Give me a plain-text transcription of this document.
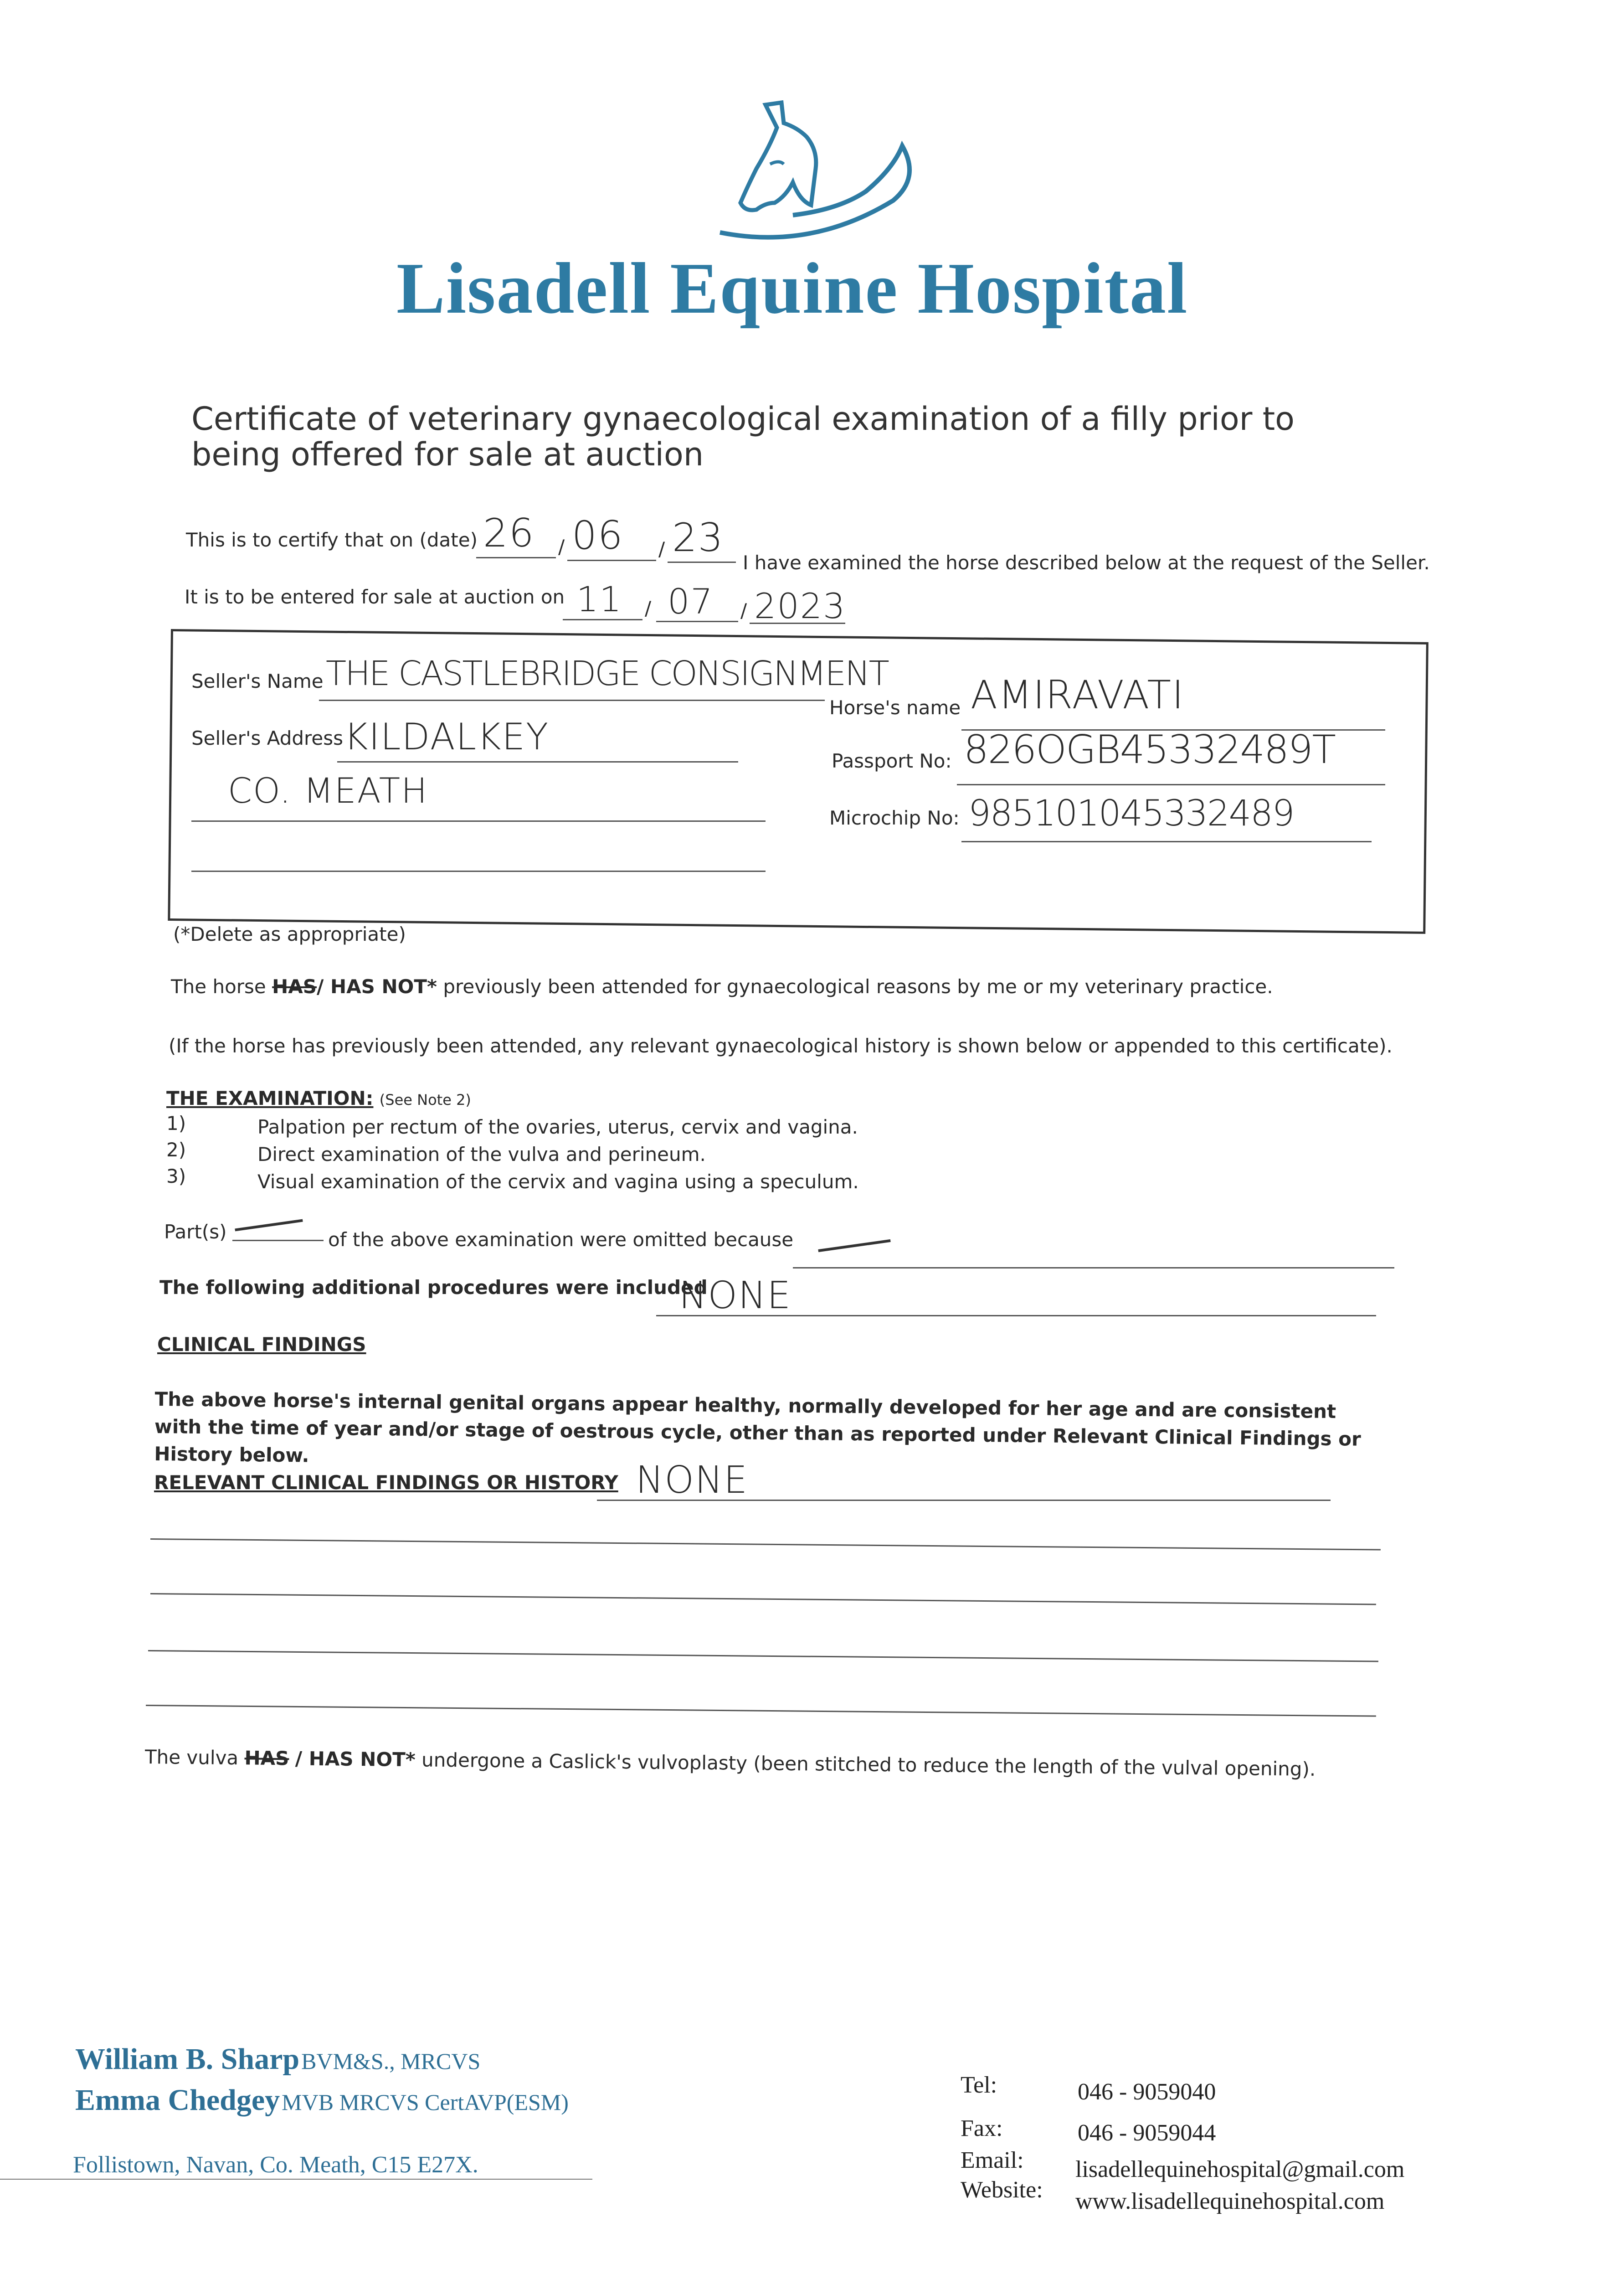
Lisadell Equine Hospital
Certificate of veterinary gynaecological examination of a filly prior to being offered for sale at auction
This is to certify that on (date) 26 / 06 / 23
I have examined the horse described below at the request of the Seller.
It is to be entered for sale at auction on 11 / 07 / 2023
Seller's Name THE CASTLEBRIDGE CONSIGNMENT
Horse's name AMIRAVATI
Seller's Address KILDALKEY
Passport No: 826OGB45332489T
CO. MEATH
Microchip No: 985101045332489
(*Delete as appropriate)
The horse HAS/ HAS NOT* previously been attended for gynaecological reasons by me or my veterinary practice.
(If the horse has previously been attended, any relevant gynaecological history is shown below or appended to this certificate).
THE EXAMINATION: (See Note 2)
1)	Palpation per rectum of the ovaries, uterus, cervix and vagina.
2)	Direct examination of the vulva and perineum.
3)	Visual examination of the cervix and vagina using a speculum.
Part(s)	of the above examination were omitted because
The following additional procedures were included
NONE
CLINICAL FINDINGS
The above horse's internal genital organs appear healthy, normally developed for her age and are consistent with the time of year and/or stage of oestrous cycle, other than as reported under Relevant Clinical Findings or History below.
RELEVANT CLINICAL FINDINGS OR HISTORY NONE
The vulva HAS / HAS NOT* undergone a Caslick's vulvoplasty (been stitched to reduce the length of the vulval opening).
William B. Sharp BVM&S., MRCVS
Emma Chedgey MVB MRCVS CertAVP(ESM)
Follistown, Navan, Co. Meath, C15 E27X.
Tel:	046 - 9059040
Fax:	046 - 9059044
Email: lisadellequinehospital@gmail.com
Website: www.lisadellequinehospital.com
